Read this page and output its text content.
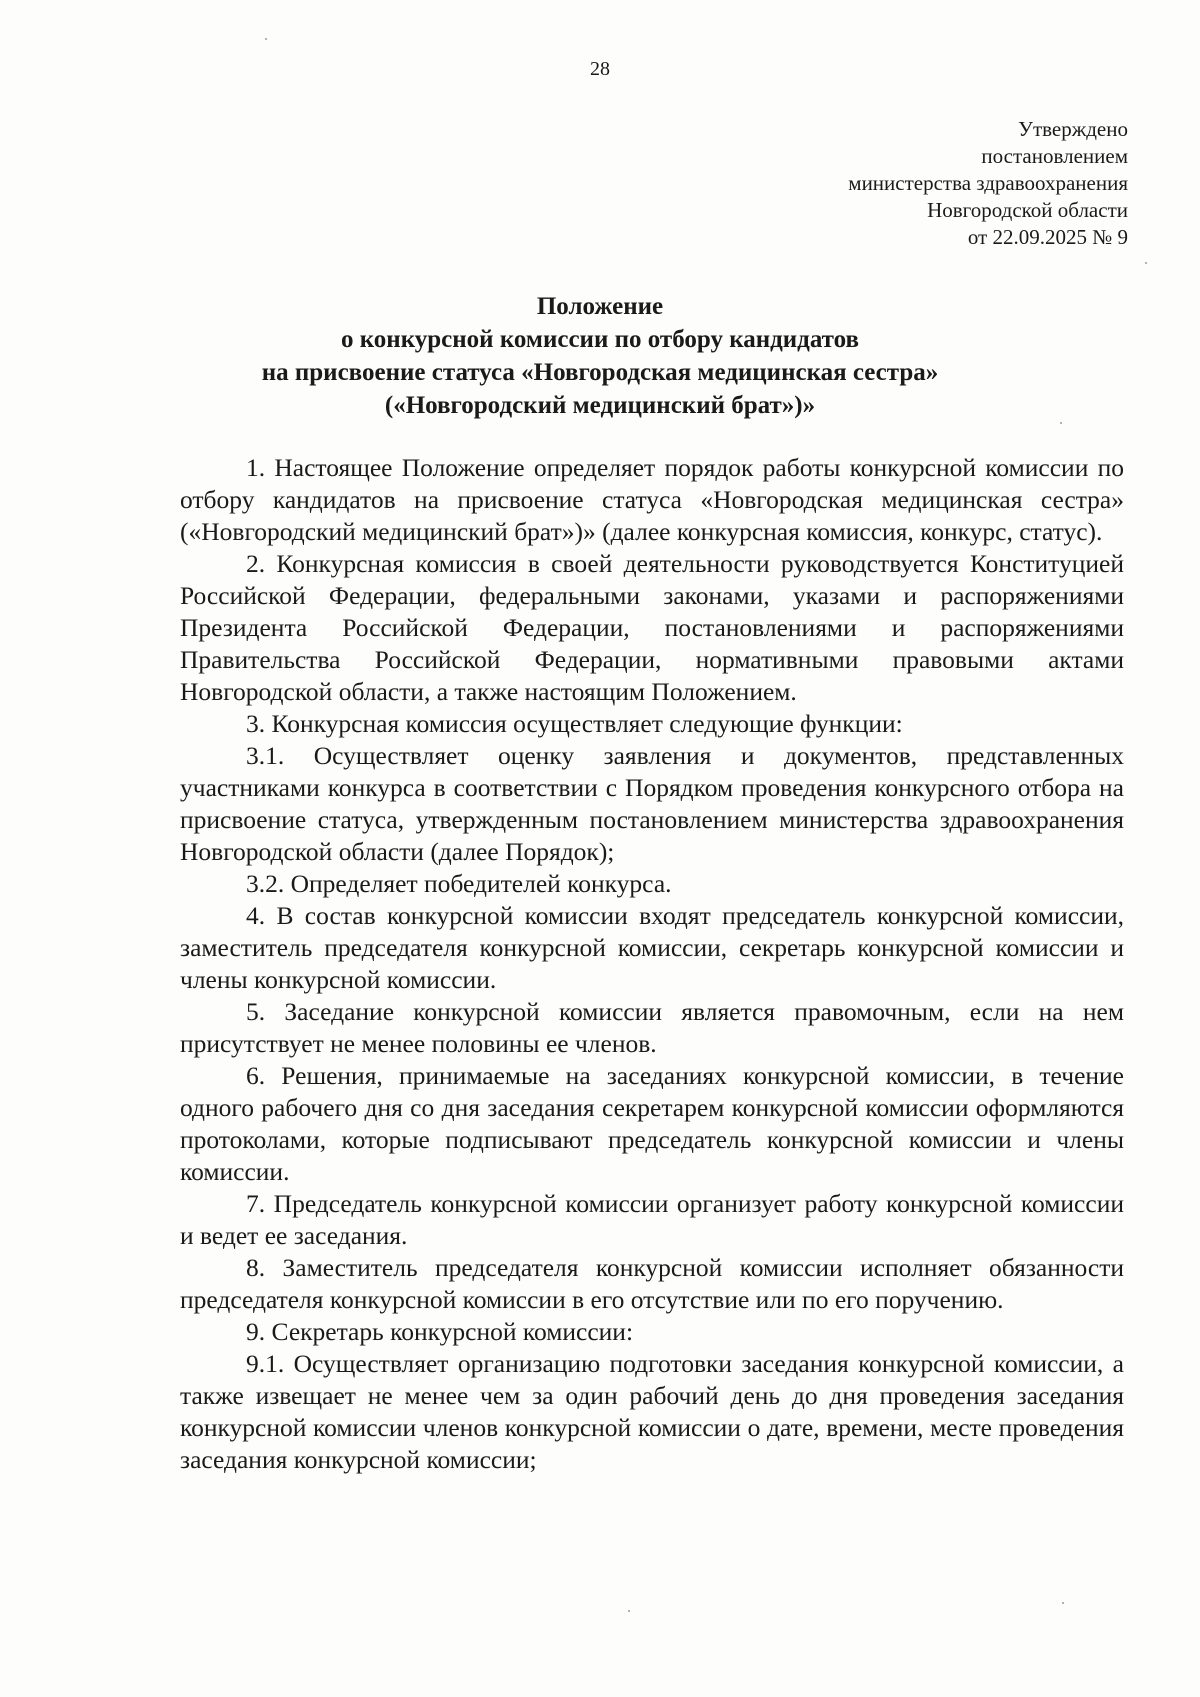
28
Утверждено
постановлением
министерства здравоохранения
Новгородской области
от 22.09.2025 № 9
Положение
о конкурсной комиссии по отбору кандидатов
на присвоение статуса «Новгородская медицинская сестра»
(«Новгородский медицинский брат»)»

1. Настоящее Положение определяет порядок работы конкурсной комиссии по отбору кандидатов на присвоение статуса «Новгородская медицинская сестра» («Новгородский медицинский брат»)» (далее конкурсная комиссия, конкурс, статус).

2. Конкурсная комиссия в своей деятельности руководствуется Конституцией Российской Федерации, федеральными законами, указами и распоряжениями Президента Российской Федерации, постановлениями и распоряжениями Правительства Российской Федерации, нормативными правовыми актами Новгородской области, а также настоящим Положением.

3. Конкурсная комиссия осуществляет следующие функции:

3.1. Осуществляет оценку заявления и документов, представленных участниками конкурса в соответствии с Порядком проведения конкурсного отбора на присвоение статуса, утвержденным постановлением министерства здравоохранения Новгородской области (далее Порядок);

3.2. Определяет победителей конкурса.

4. В состав конкурсной комиссии входят председатель конкурсной комиссии, заместитель председателя конкурсной комиссии, секретарь конкурсной комиссии и члены конкурсной комиссии.

5. Заседание конкурсной комиссии является правомочным, если на нем присутствует не менее половины ее членов.

6. Решения, принимаемые на заседаниях конкурсной комиссии, в течение одного рабочего дня со дня заседания секретарем конкурсной комиссии оформляются протоколами, которые подписывают председатель конкурсной комиссии и члены комиссии.

7. Председатель конкурсной комиссии организует работу конкурсной комиссии и ведет ее заседания.

8. Заместитель председателя конкурсной комиссии исполняет обязанности председателя конкурсной комиссии в его отсутствие или по его поручению.

9. Секретарь конкурсной комиссии:

9.1. Осуществляет организацию подготовки заседания конкурсной комиссии, а также извещает не менее чем за один рабочий день до дня проведения заседания конкурсной комиссии членов конкурсной комиссии о дате, времени, месте проведения заседания конкурсной комиссии;
